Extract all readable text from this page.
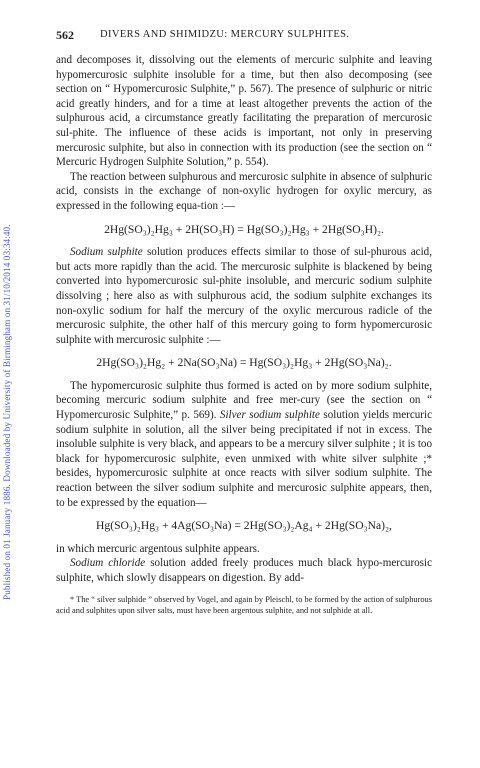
Published on 01 January 1886. Downloaded by University of Birmingham on 31/10/2014 03:34:40.
562 DIVERS AND SHIMIDZU: MERCURY SULPHITES.

and decomposes it, dissolving out the elements of mercuric sulphite and leaving hypomercurosic sulphite insoluble for a time, but then also decomposing (see section on “ Hypomercurosic Sulphite,” p. 567). The presence of sulphuric or nitric acid greatly hinders, and for a time at least altogether prevents the action of the sulphurous acid, a circumstance greatly facilitating the preparation of mercurosic sul-phite. The influence of these acids is important, not only in preserving mercurosic sulphite, but also in connection with its production (see the section on “ Mercuric Hydrogen Sulphite Solution,” p. 554).

The reaction between sulphurous and mercurosic sulphite in absence of sulphuric acid, consists in the exchange of non-oxylic hydrogen for oxylic mercury, as expressed in the following equa-tion :—

2Hg(SO₃)₂Hg₃ + 2H(SO₃H) = Hg(SO₃)₂Hg₃ + 2Hg(SO₃H)₂.

Sodium sulphite solution produces effects similar to those of sul-phurous acid, but acts more rapidly than the acid. The mercurosic sulphite is blackened by being converted into hypomercurosic sul-phite insoluble, and mercuric sodium sulphite dissolving ; here also as with sulphurous acid, the sodium sulphite exchanges its non-oxylic sodium for half the mercury of the oxylic mercurous radicle of the mercurosic sulphite, the other half of this mercury going to form hypomercurosic sulphite with mercurosic sulphite :—

2Hg(SO₃)₂Hg₂ + 2Na(SO₃Na) = Hg(SO₃)₂Hg₃ + 2Hg(SO₃Na)₂.

The hypomercurosic sulphite thus formed is acted on by more sodium sulphite, becoming mercuric sodium sulphite and free mer-cury (see the section on “ Hypomercurosic Sulphite,” p. 569). Silver sodium sulphite solution yields mercuric sodium sulphite in solution, all the silver being precipitated if not in excess. The insoluble sulphite is very black, and appears to be a mercury silver sulphite ; it is too black for hypomercurosic sulphite, even unmixed with white silver sulphite ;* besides, hypomercurosic sulphite at once reacts with silver sodium sulphite. The reaction between the silver sodium sulphite and mercurosic sulphite appears, then, to be expressed by the equation—

Hg(SO₃)₂Hg₃ + 4Ag(SO₃Na) = 2Hg(SO₃)₂Ag₄ + 2Hg(SO₃Na)₂,

in which mercuric argentous sulphite appears.

Sodium chloride solution added freely produces much black hypo-mercurosic sulphite, which slowly disappears on digestion. By add-

* The “ silver sulphide ” observed by Vogel, and again by Pleischl, to be formed by the action of sulphurous acid and sulphites upon silver salts, must have been argentous sulphite, and not sulphide at all.
